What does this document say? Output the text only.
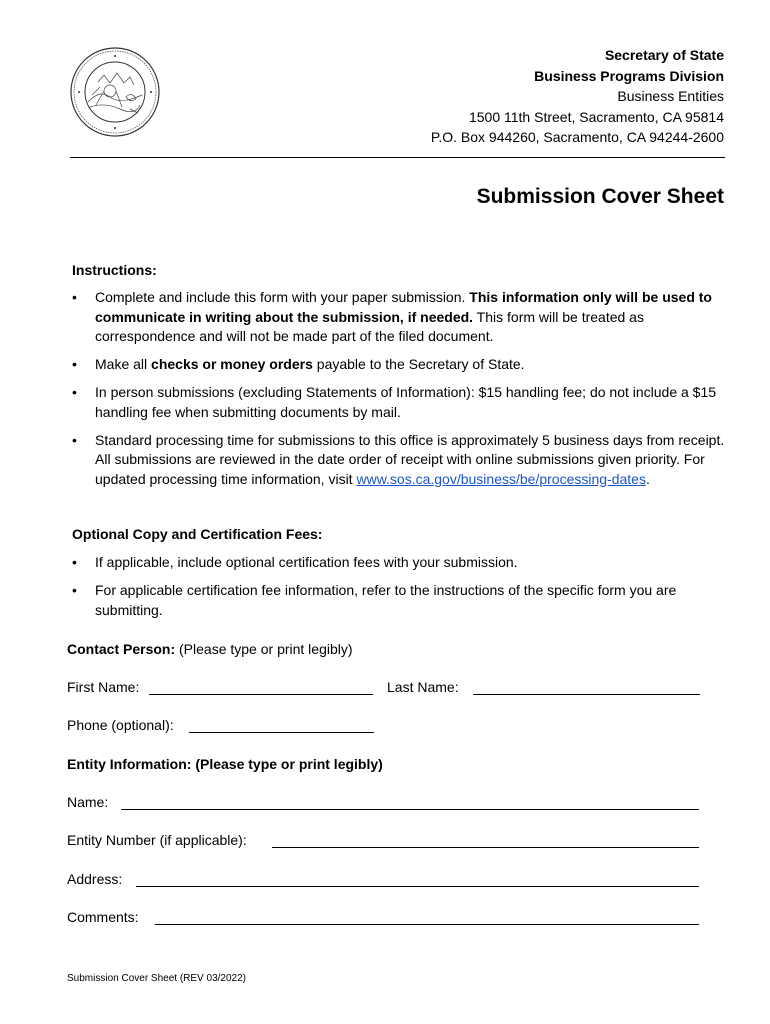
Secretary of State
Business Programs Division
Business Entities
1500 11th Street, Sacramento, CA 95814
P.O. Box 944260, Sacramento, CA 94244-2600
Submission Cover Sheet
Instructions:
• Complete and include this form with your paper submission. This information only will be used to communicate in writing about the submission, if needed. This form will be treated as correspondence and will not be made part of the filed document.
• Make all checks or money orders payable to the Secretary of State.
• In person submissions (excluding Statements of Information): $15 handling fee; do not include a $15 handling fee when submitting documents by mail.
• Standard processing time for submissions to this office is approximately 5 business days from receipt. All submissions are reviewed in the date order of receipt with online submissions given priority. For updated processing time information, visit www.sos.ca.gov/business/be/processing-dates.
Optional Copy and Certification Fees:
• If applicable, include optional certification fees with your submission.
• For applicable certification fee information, refer to the instructions of the specific form you are submitting.
Contact Person: (Please type or print legibly)
First Name:	Last Name:
Phone (optional):
Entity Information: (Please type or print legibly)
Name:
Entity Number (if applicable):
Address:
Comments:
Submission Cover Sheet (REV 03/2022)
